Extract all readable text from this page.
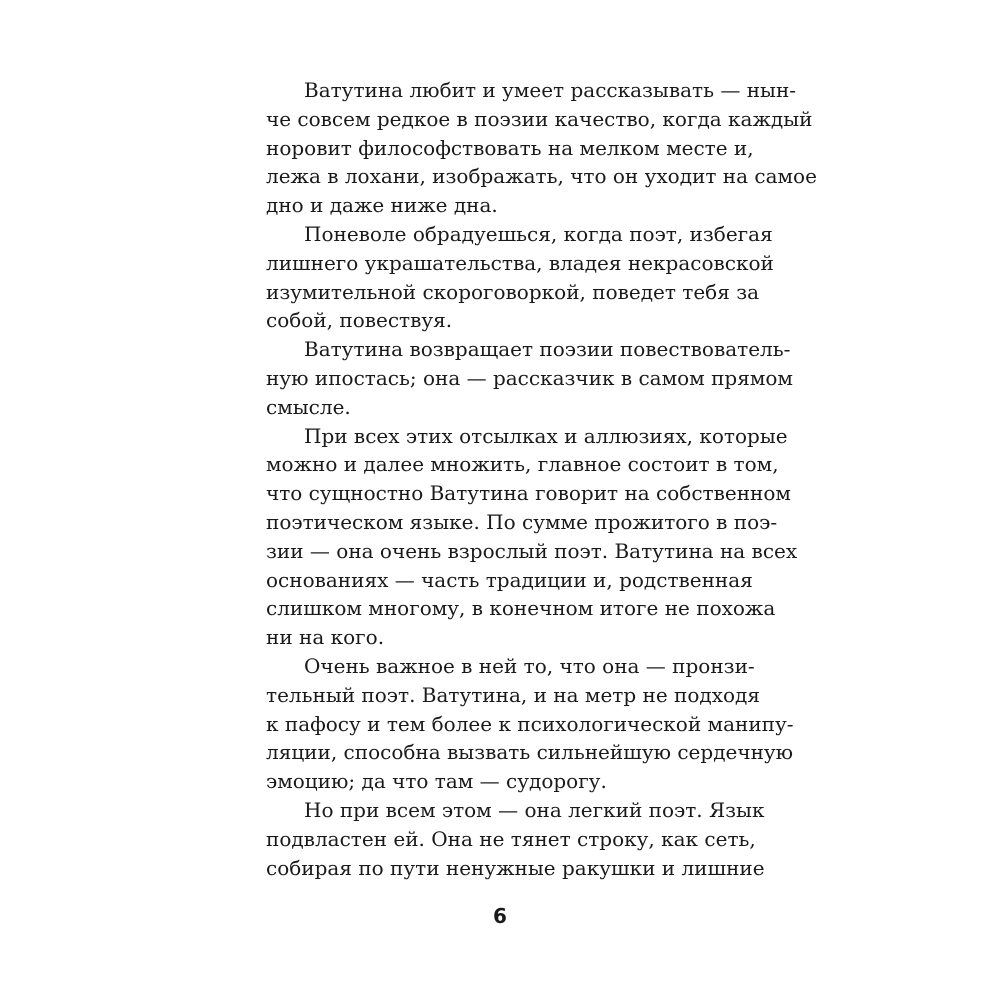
Ватутина любит и умеет рассказывать — нын-
че совсем редкое в поэзии качество, когда каждый
норовит философствовать на мелком месте и,
лежа в лохани, изображать, что он уходит на самое
дно и даже ниже дна.
Поневоле обрадуешься, когда поэт, избегая
лишнего украшательства, владея некрасовской
изумительной скороговоркой, поведет тебя за
собой, повествуя.
Ватутина возвращает поэзии повествователь-
ную ипостась; она — рассказчик в самом прямом
смысле.
При всех этих отсылках и аллюзиях, которые
можно и далее множить, главное состоит в том,
что сущностно Ватутина говорит на собственном
поэтическом языке. По сумме прожитого в поэ-
зии — она очень взрослый поэт. Ватутина на всех
основаниях — часть традиции и, родственная
слишком многому, в конечном итоге не похожа
ни на кого.
Очень важное в ней то, что она — пронзи-
тельный поэт. Ватутина, и на метр не подходя
к пафосу и тем более к психологической манипу-
ляции, способна вызвать сильнейшую сердечную
эмоцию; да что там — судорогу.
Но при всем этом — она легкий поэт. Язык
подвластен ей. Она не тянет строку, как сеть,
собирая по пути ненужные ракушки и лишние
6
